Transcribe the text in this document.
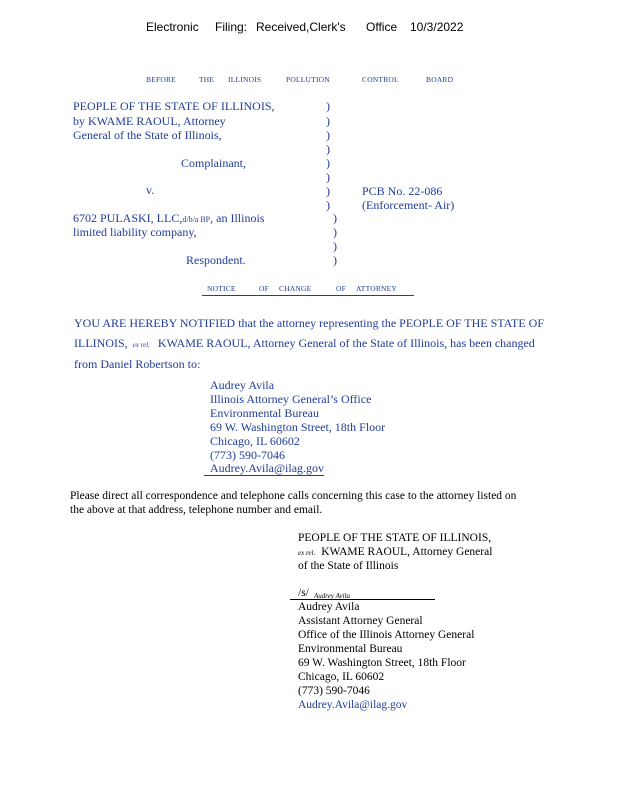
Electronic Filing: Received,Clerk's Office 10/3/2022
BEFORE	THE ILLINOIS	POLLUTION	CONTROL	BOARD
PEOPLE OF THE STATE OF ILLINOIS,
by KWAME RAOUL, Attorney
General of the State of Illinois,
Complainant,
v.
6702 PULASKI, LLC,d/b/a BP, an Illinois
limited liability company,
Respondent.
)
)
)
)
)
)
)
)
)
)
)
)
PCB No. 22-086
(Enforcement- Air)
NOTICE	OF CHANGE	OF ATTORNEY
YOU ARE HEREBY NOTIFIED that the attorney representing the PEOPLE OF THE STATE OF
ILLINOIS, ex rel. KWAME RAOUL, Attorney General of the State of Illinois, has been changed
from Daniel Robertson to:
Audrey Avila
Illinois Attorney General’s Office
Environmental Bureau
69 W. Washington Street, 18th Floor
Chicago, IL 60602
(773) 590-7046
Audrey.Avila@ilag.gov
Please direct all correspondence and telephone calls concerning this case to the attorney listed on
the above at that address, telephone number and email.
PEOPLE OF THE STATE OF ILLINOIS,
ex rel. KWAME RAOUL, Attorney General
of the State of Illinois
/s/ Audrey Avila
Audrey Avila
Assistant Attorney General
Office of the Illinois Attorney General
Environmental Bureau
69 W. Washington Street, 18th Floor
Chicago, IL 60602
(773) 590-7046
Audrey.Avila@ilag.gov
